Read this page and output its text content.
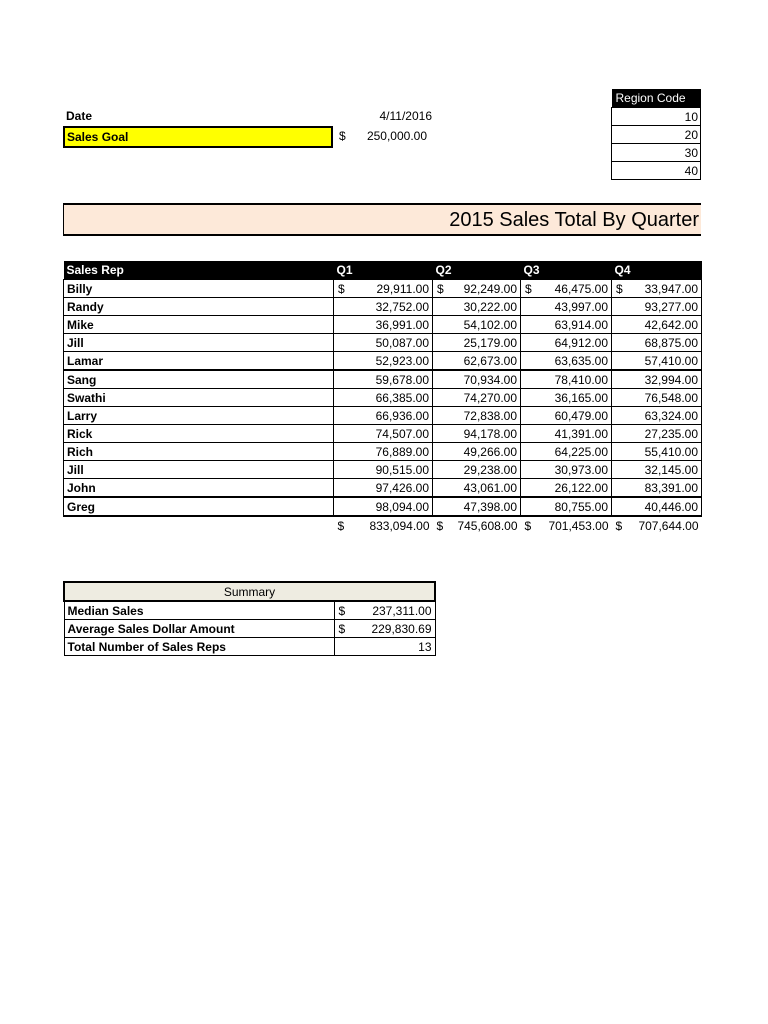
Date	4/11/2016
Sales Goal	$	250,000.00
Region Code
10
20
30
40
2015 Sales Total By Quarter
Sales Rep	Q1	Q2	Q3	Q4
Billy	$ 29,911.00	$ 92,249.00	$ 46,475.00	$ 33,947.00
Randy	32,752.00	30,222.00	43,997.00	93,277.00
Mike	36,991.00	54,102.00	63,914.00	42,642.00
Jill	50,087.00	25,179.00	64,912.00	68,875.00
Lamar	52,923.00	62,673.00	63,635.00	57,410.00
Sang	59,678.00	70,934.00	78,410.00	32,994.00
Swathi	66,385.00	74,270.00	36,165.00	76,548.00
Larry	66,936.00	72,838.00	60,479.00	63,324.00
Rick	74,507.00	94,178.00	41,391.00	27,235.00
Rich	76,889.00	49,266.00	64,225.00	55,410.00
Jill	90,515.00	29,238.00	30,973.00	32,145.00
John	97,426.00	43,061.00	26,122.00	83,391.00
Greg	98,094.00	47,398.00	80,755.00	40,446.00

	$ 833,094.00	$ 745,608.00	$ 701,453.00	$ 707,644.00
Summary	
Median Sales	$ 237,311.00
Average Sales Dollar Amount	$ 229,830.69
Total Number of Sales Reps	13
